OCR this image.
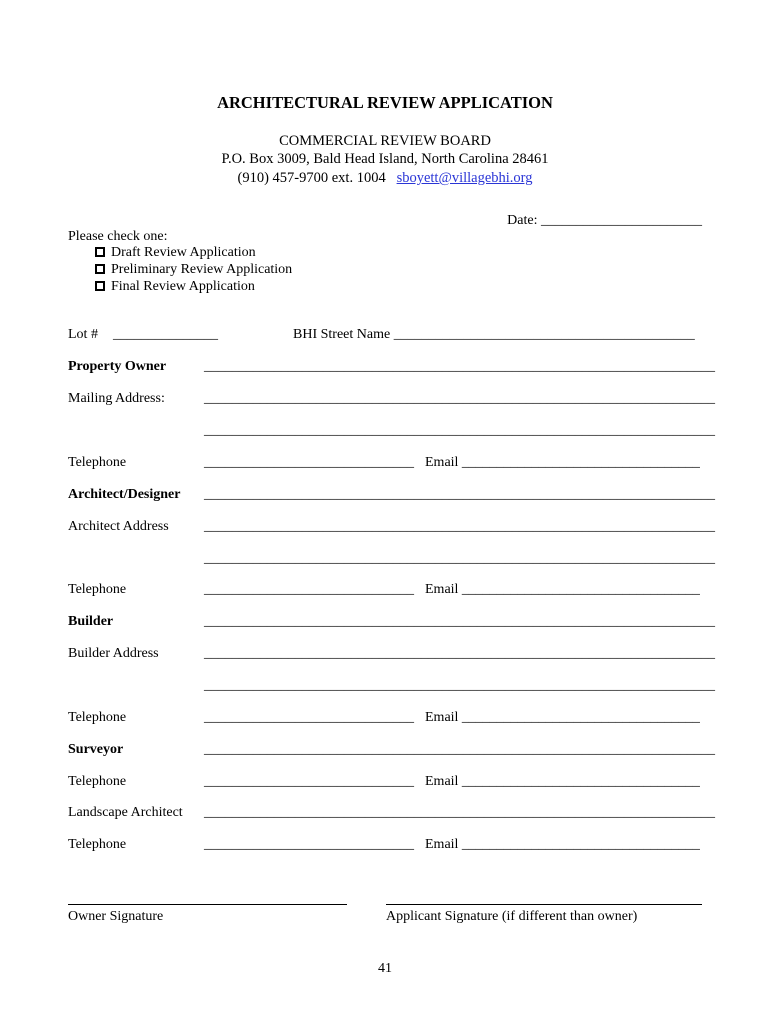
ARCHITECTURAL REVIEW APPLICATION
COMMERCIAL REVIEW BOARD
P.O. Box 3009, Bald Head Island, North Carolina 28461
(910) 457-9700 ext. 1004 sboyett@villagebhi.org
Date: _______________________
Please check one:
Draft Review Application
Preliminary Review Application
Final Review Application
Lot # _______________	BHI Street Name ___________________________________________
Property Owner	_________________________________________________________________________
Mailing Address:	_________________________________________________________________________
_________________________________________________________________________
Telephone	______________________________ Email __________________________________
Architect/Designer _________________________________________________________________________
Architect Address	_________________________________________________________________________
_________________________________________________________________________
Telephone	______________________________ Email __________________________________
Builder	_________________________________________________________________________
Builder Address	_________________________________________________________________________
_________________________________________________________________________
Telephone	______________________________ Email __________________________________
Surveyor	_________________________________________________________________________
Telephone	______________________________ Email __________________________________
Landscape Architect _________________________________________________________________________
Telephone	______________________________ Email __________________________________
Owner Signature	Applicant Signature (if different than owner)
41
